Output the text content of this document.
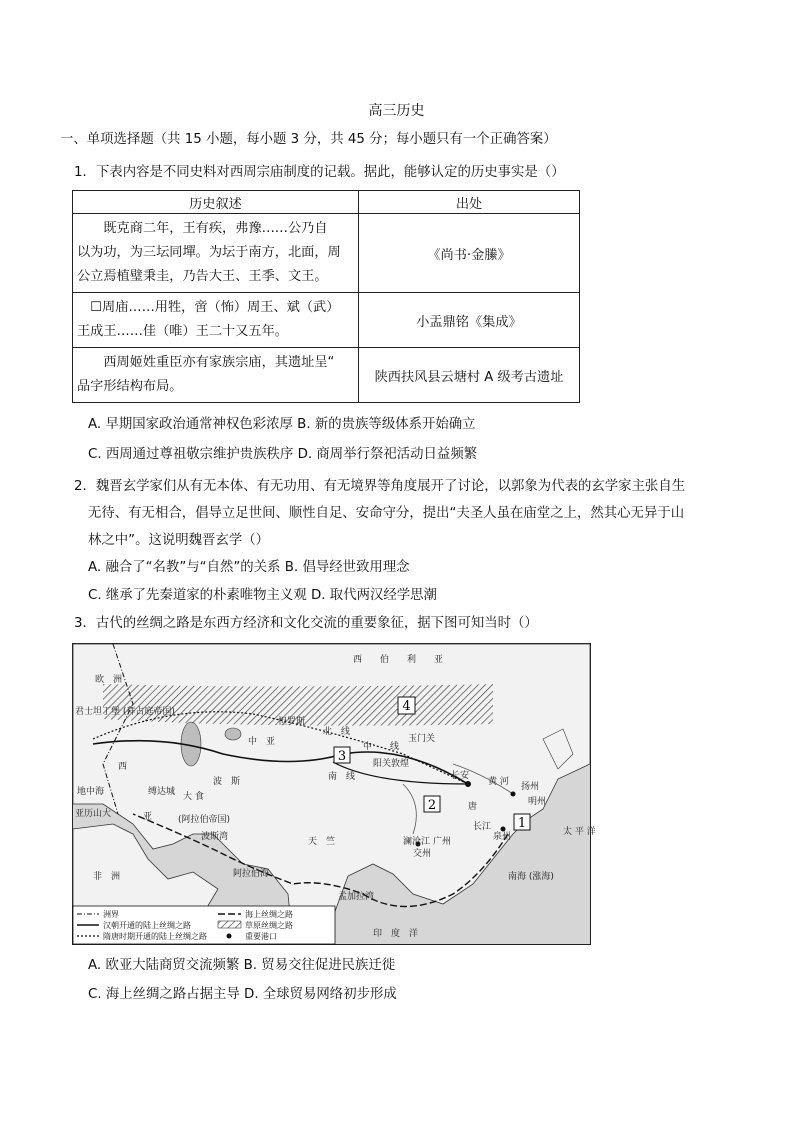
高三历史
一、单项选择题（共 15 小题，每小题 3 分，共 45 分；每小题只有一个正确答案）
1．下表内容是不同史料对西周宗庙制度的记载。据此，能够认定的历史事实是（）
历史叙述	出处

　　既克商二年，王有疾，弗豫……公乃自
以为功，为三坛同墠。为坛于南方，北面，周
公立焉植璧秉圭，乃告大王、王季、文王。	《尚书·金縢》

　☐周庙……用牲，啻（怖）周王、斌（武）
王成王……佳（唯）王二十又五年。	小盂鼎铭《集成》

　　西周姬姓重臣亦有家族宗庙，其遗址呈“
品字形结构布局。	陕西扶风县云塘村 A 级考古遗址
A. 早期国家政治通常神权色彩浓厚 B. 新的贵族等级体系开始确立
C. 西周通过尊祖敬宗维护贵族秩序 D. 商周举行祭祀活动日益频繁
2．魏晋玄学家们从有无本体、有无功用、有无境界等角度展开了讨论，以郭象为代表的玄学家主张自生
无待、有无相合，倡导立足世间、顺性自足、安命守分，提出“夫圣人虽在庙堂之上，然其心无异于山
林之中”。这说明魏晋玄学（）
A. 融合了“名教”与“自然”的关系 B. 倡导经世致用理念
C. 继承了先秦道家的朴素唯物主义观 D. 取代两汉经学思潮
3．古代的丝绸之路是东西方经济和文化交流的重要象征，据下图可知当时（）
4
3
2
1
西　　伯　　利　　亚
欧　洲
君士坦丁堡 (拜占庭帝国)
地中海
亚历山大
非　洲
西
亚
缚达城 大 食
(阿拉伯帝国)
波　斯
波斯湾
阿拉伯海
中　亚
怛罗斯
北　线
中　　线
南　线
天　竺
孟加拉湾
印　度　洋
玉门关
阳关敦煌
长安
唐
黄 河
长江
澜沧江 广州
交州
泉州
明州
扬州
南海 (涨海)
太 平 洋
洲界
汉朝开通的陆上丝绸之路
隋唐时期开通的陆上丝绸之路
海上丝绸之路
草原丝绸之路
重要港口
A. 欧亚大陆商贸交流频繁 B. 贸易交往促进民族迁徙
C. 海上丝绸之路占据主导 D. 全球贸易网络初步形成
